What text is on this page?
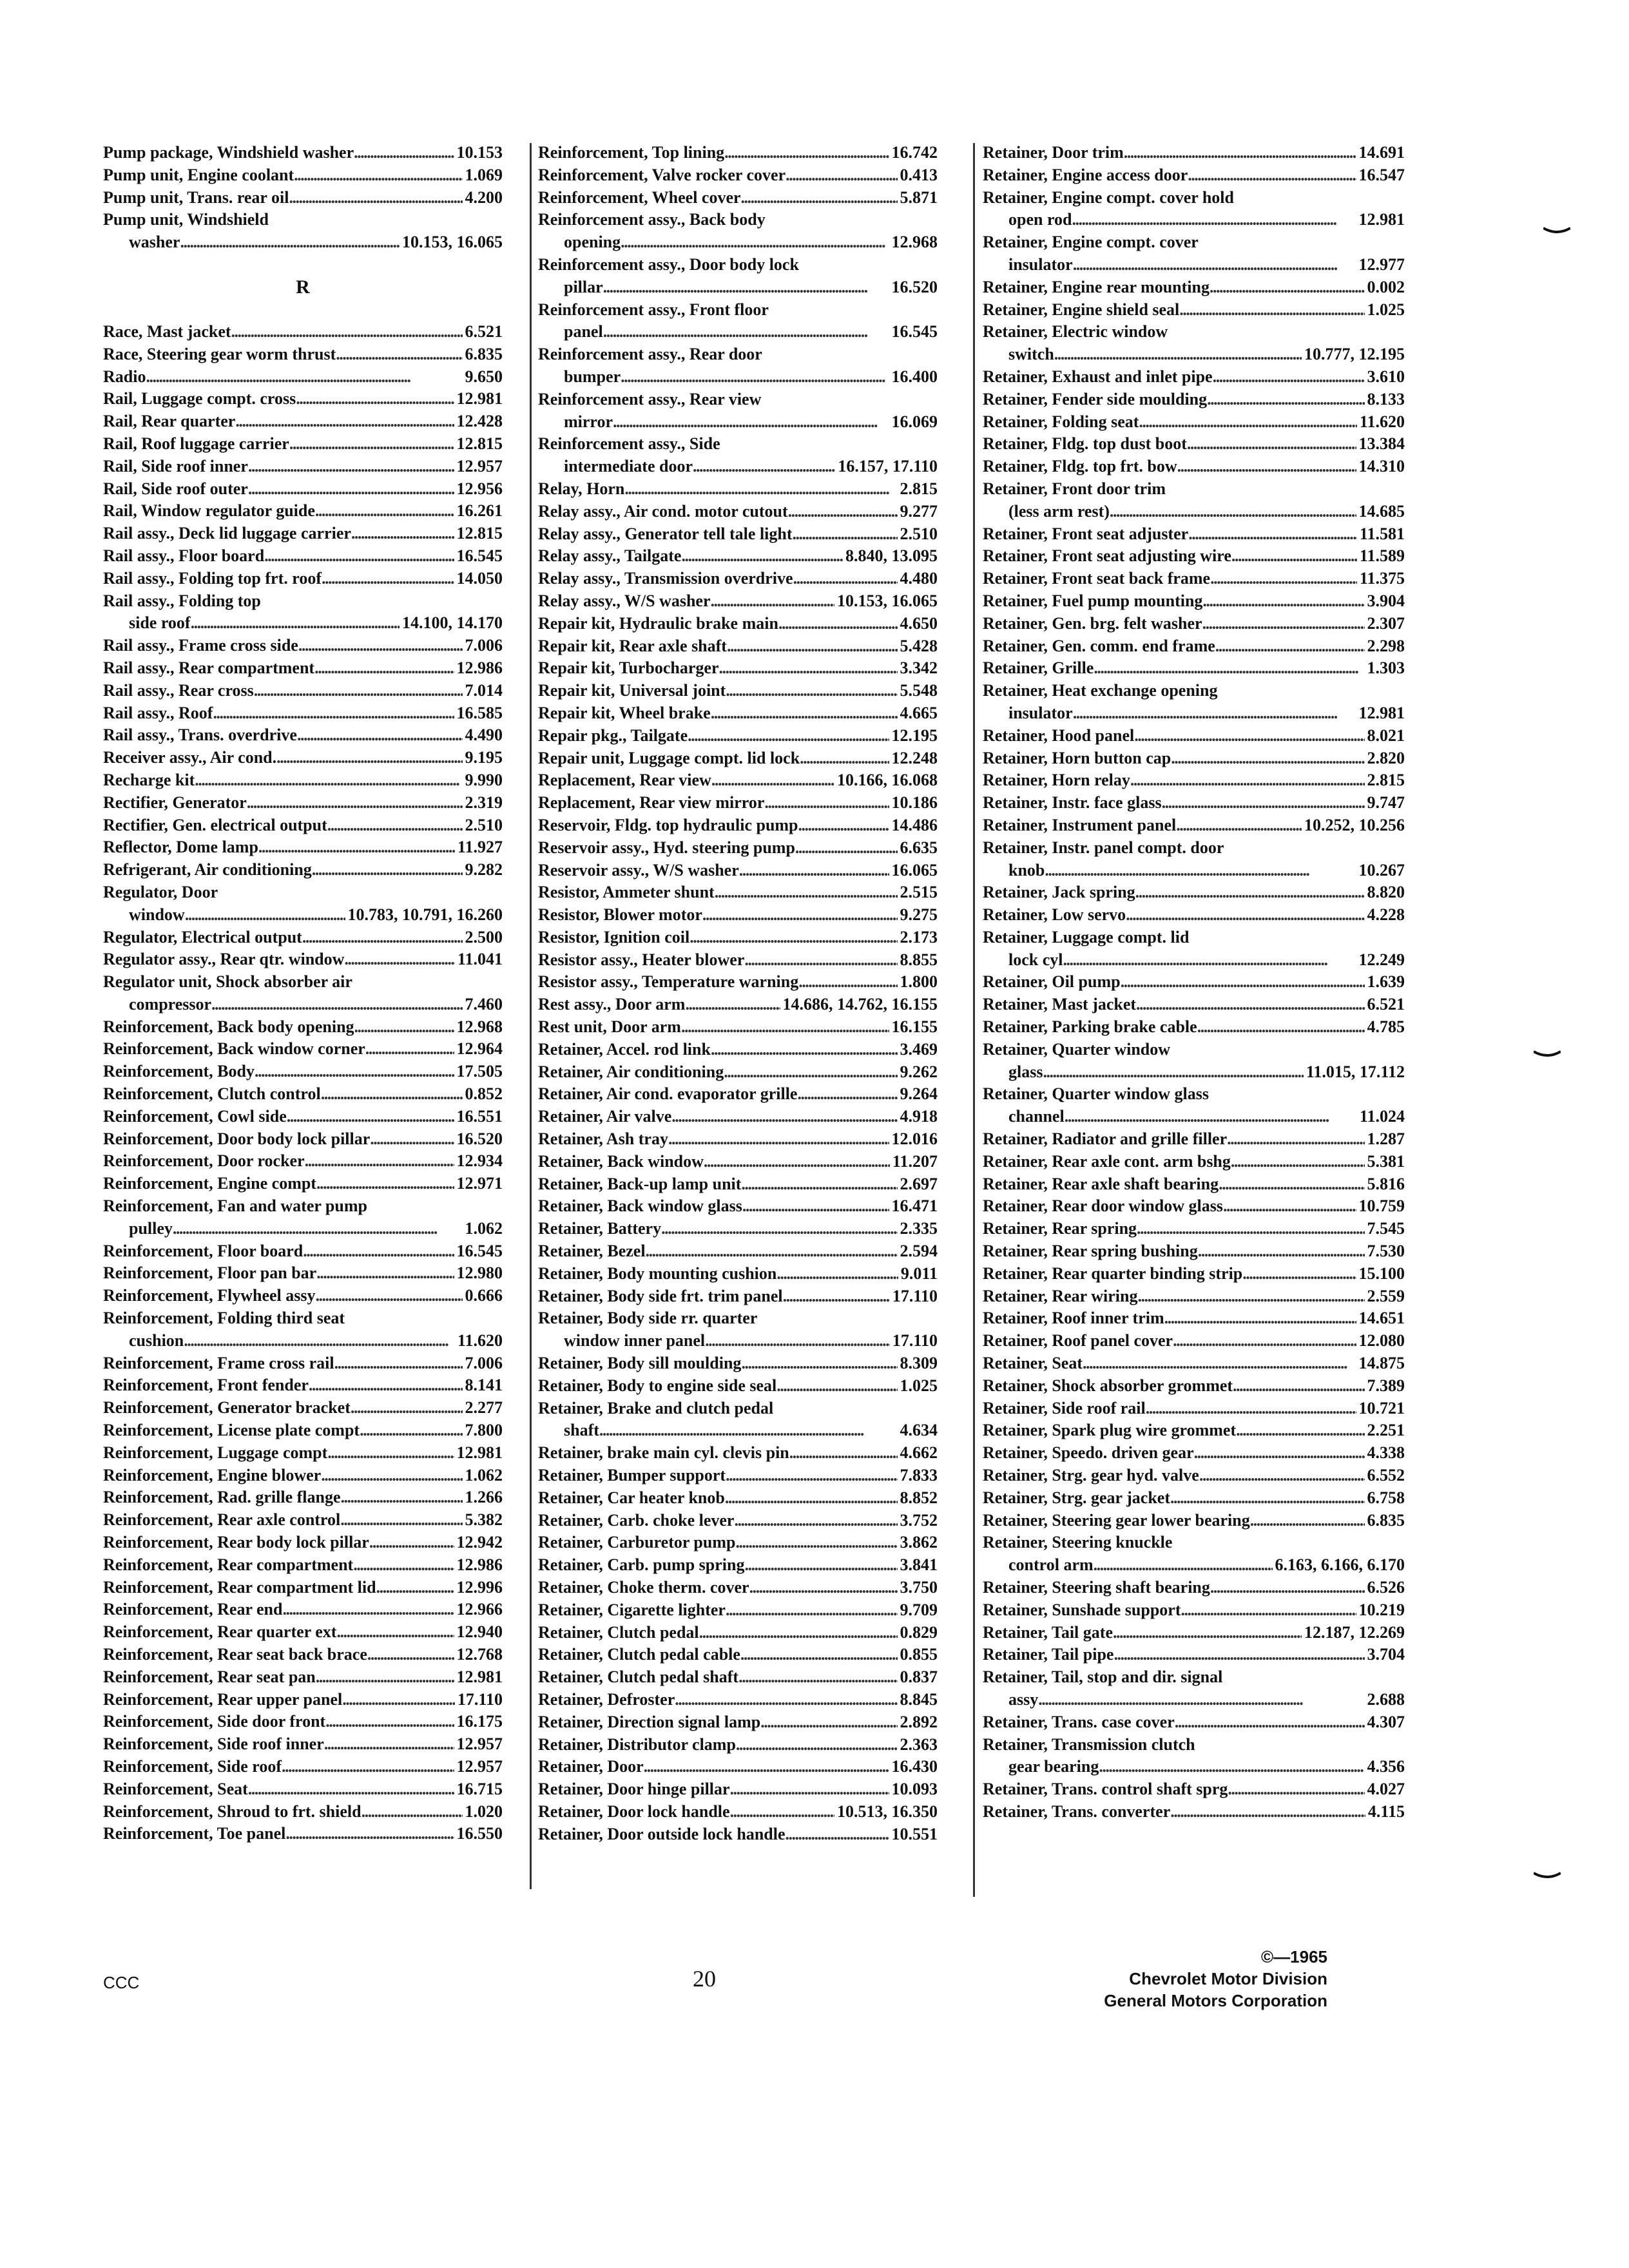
Pump package, Windshield washer . . .	10.153
Pump unit, Engine coolant . . .	1.069
Pump unit, Trans. rear oil . . .	4.200
Pump unit, Windshield
washer . . .	10.153, 16.065
R
Race, Mast jacket . . .	6.521
Race, Steering gear worm thrust . . .	6.835
Radio . . .	9.650
Rail, Luggage compt. cross . . .	12.981
Rail, Rear quarter . . .	12.428
Rail, Roof luggage carrier . . .	12.815
Rail, Side roof inner . . .	12.957
Rail, Side roof outer . . .	12.956
Rail, Window regulator guide . . .	16.261
Rail assy., Deck lid luggage carrier . . .	12.815
Rail assy., Floor board . . .	16.545
Rail assy., Folding top frt. roof . . .	14.050
Rail assy., Folding top
side roof . . .	14.100, 14.170
Rail assy., Frame cross side . . .	7.006
Rail assy., Rear compartment . . .	12.986
Rail assy., Rear cross . . .	7.014
Rail assy., Roof . . .	16.585
Rail assy., Trans. overdrive . . .	4.490
Receiver assy., Air cond. . . .	9.195
Recharge kit . . .	9.990
Rectifier, Generator . . .	2.319
Rectifier, Gen. electrical output . . .	2.510
Reflector, Dome lamp . . .	11.927
Refrigerant, Air conditioning . . .	9.282
Regulator, Door
window . . .	10.783, 10.791, 16.260
Regulator, Electrical output . . .	2.500
Regulator assy., Rear qtr. window . . .	11.041
Regulator unit, Shock absorber air
compressor . . .	7.460
Reinforcement, Back body opening . . .	12.968
Reinforcement, Back window corner . . .	12.964
Reinforcement, Body . . .	17.505
Reinforcement, Clutch control . . .	0.852
Reinforcement, Cowl side . . .	16.551
Reinforcement, Door body lock pillar . . .	16.520
Reinforcement, Door rocker . . .	12.934
Reinforcement, Engine compt . . .	12.971
Reinforcement, Fan and water pump
pulley . . .	1.062
Reinforcement, Floor board . . .	16.545
Reinforcement, Floor pan bar . . .	12.980
Reinforcement, Flywheel assy . . .	0.666
Reinforcement, Folding third seat
cushion . . .	11.620
Reinforcement, Frame cross rail . . .	7.006
Reinforcement, Front fender . . .	8.141
Reinforcement, Generator bracket . . .	2.277
Reinforcement, License plate compt . . .	7.800
Reinforcement, Luggage compt . . .	12.981
Reinforcement, Engine blower . . .	1.062
Reinforcement, Rad. grille flange . . .	1.266
Reinforcement, Rear axle control . . .	5.382
Reinforcement, Rear body lock pillar . . .	12.942
Reinforcement, Rear compartment . . .	12.986
Reinforcement, Rear compartment lid . . .	12.996
Reinforcement, Rear end . . .	12.966
Reinforcement, Rear quarter ext . . .	12.940
Reinforcement, Rear seat back brace . . .	12.768
Reinforcement, Rear seat pan . . .	12.981
Reinforcement, Rear upper panel . . .	17.110
Reinforcement, Side door front . . .	16.175
Reinforcement, Side roof inner . . .	12.957
Reinforcement, Side roof . . .	12.957
Reinforcement, Seat . . .	16.715
Reinforcement, Shroud to frt. shield . . .	1.020
Reinforcement, Toe panel . . .	16.550
Reinforcement, Top lining . . .	16.742
Reinforcement, Valve rocker cover . . .	0.413
Reinforcement, Wheel cover . . .	5.871
Reinforcement assy., Back body
opening . . .	12.968
Reinforcement assy., Door body lock
pillar . . .	16.520
Reinforcement assy., Front floor
panel . . .	16.545
Reinforcement assy., Rear door
bumper . . .	16.400
Reinforcement assy., Rear view
mirror . . .	16.069
Reinforcement assy., Side
intermediate door . . .	16.157, 17.110
Relay, Horn . . .	2.815
Relay assy., Air cond. motor cutout . . .	9.277
Relay assy., Generator tell tale light . . .	2.510
Relay assy., Tailgate . . .	8.840, 13.095
Relay assy., Transmission overdrive . . .	4.480
Relay assy., W/S washer . . .	10.153, 16.065
Repair kit, Hydraulic brake main . . .	4.650
Repair kit, Rear axle shaft . . .	5.428
Repair kit, Turbocharger . . .	3.342
Repair kit, Universal joint . . .	5.548
Repair kit, Wheel brake . . .	4.665
Repair pkg., Tailgate . . .	12.195
Repair unit, Luggage compt. lid lock . . .	12.248
Replacement, Rear view . . .	10.166, 16.068
Replacement, Rear view mirror . . .	10.186
Reservoir, Fldg. top hydraulic pump . . .	14.486
Reservoir assy., Hyd. steering pump . . .	6.635
Reservoir assy., W/S washer . . .	16.065
Resistor, Ammeter shunt . . .	2.515
Resistor, Blower motor . . .	9.275
Resistor, Ignition coil . . .	2.173
Resistor assy., Heater blower . . .	8.855
Resistor assy., Temperature warning . . .	1.800
Rest assy., Door arm . . .	14.686, 14.762, 16.155
Rest unit, Door arm . . .	16.155
Retainer, Accel. rod link . . .	3.469
Retainer, Air conditioning . . .	9.262
Retainer, Air cond. evaporator grille . . .	9.264
Retainer, Air valve . . .	4.918
Retainer, Ash tray . . .	12.016
Retainer, Back window . . .	11.207
Retainer, Back-up lamp unit . . .	2.697
Retainer, Back window glass . . .	16.471
Retainer, Battery . . .	2.335
Retainer, Bezel . . .	2.594
Retainer, Body mounting cushion . . .	9.011
Retainer, Body side frt. trim panel . . .	17.110
Retainer, Body side rr. quarter
window inner panel . . .	17.110
Retainer, Body sill moulding . . .	8.309
Retainer, Body to engine side seal . . .	1.025
Retainer, Brake and clutch pedal
shaft . . .	4.634
Retainer, brake main cyl. clevis pin . . .	4.662
Retainer, Bumper support . . .	7.833
Retainer, Car heater knob . . .	8.852
Retainer, Carb. choke lever . . .	3.752
Retainer, Carburetor pump . . .	3.862
Retainer, Carb. pump spring . . .	3.841
Retainer, Choke therm. cover . . .	3.750
Retainer, Cigarette lighter . . .	9.709
Retainer, Clutch pedal . . .	0.829
Retainer, Clutch pedal cable . . .	0.855
Retainer, Clutch pedal shaft . . .	0.837
Retainer, Defroster . . .	8.845
Retainer, Direction signal lamp . . .	2.892
Retainer, Distributor clamp . . .	2.363
Retainer, Door . . .	16.430
Retainer, Door hinge pillar . . .	10.093
Retainer, Door lock handle . . .	10.513, 16.350
Retainer, Door outside lock handle . . .	10.551
Retainer, Door trim . . .	14.691
Retainer, Engine access door . . .	16.547
Retainer, Engine compt. cover hold
open rod . . .	12.981
Retainer, Engine compt. cover
insulator . . .	12.977
Retainer, Engine rear mounting . . .	0.002
Retainer, Engine shield seal . . .	1.025
Retainer, Electric window
switch . . .	10.777, 12.195
Retainer, Exhaust and inlet pipe . . .	3.610
Retainer, Fender side moulding . . .	8.133
Retainer, Folding seat . . .	11.620
Retainer, Fldg. top dust boot . . .	13.384
Retainer, Fldg. top frt. bow . . .	14.310
Retainer, Front door trim
(less arm rest) . . .	14.685
Retainer, Front seat adjuster . . .	11.581
Retainer, Front seat adjusting wire . . .	11.589
Retainer, Front seat back frame . . .	11.375
Retainer, Fuel pump mounting . . .	3.904
Retainer, Gen. brg. felt washer . . .	2.307
Retainer, Gen. comm. end frame . . .	2.298
Retainer, Grille . . .	1.303
Retainer, Heat exchange opening
insulator . . .	12.981
Retainer, Hood panel . . .	8.021
Retainer, Horn button cap . . .	2.820
Retainer, Horn relay . . .	2.815
Retainer, Instr. face glass . . .	9.747
Retainer, Instrument panel . . .	10.252, 10.256
Retainer, Instr. panel compt. door
knob . . .	10.267
Retainer, Jack spring . . .	8.820
Retainer, Low servo . . .	4.228
Retainer, Luggage compt. lid
lock cyl . . .	12.249
Retainer, Oil pump . . .	1.639
Retainer, Mast jacket . . .	6.521
Retainer, Parking brake cable . . .	4.785
Retainer, Quarter window
glass . . .	11.015, 17.112
Retainer, Quarter window glass
channel . . .	11.024
Retainer, Radiator and grille filler . . .	1.287
Retainer, Rear axle cont. arm bshg . . .	5.381
Retainer, Rear axle shaft bearing . . .	5.816
Retainer, Rear door window glass . . .	10.759
Retainer, Rear spring . . .	7.545
Retainer, Rear spring bushing . . .	7.530
Retainer, Rear quarter binding strip . . .	15.100
Retainer, Rear wiring . . .	2.559
Retainer, Roof inner trim . . .	14.651
Retainer, Roof panel cover . . .	12.080
Retainer, Seat . . .	14.875
Retainer, Shock absorber grommet . . .	7.389
Retainer, Side roof rail . . .	10.721
Retainer, Spark plug wire grommet . . .	2.251
Retainer, Speedo. driven gear . . .	4.338
Retainer, Strg. gear hyd. valve . . .	6.552
Retainer, Strg. gear jacket . . .	6.758
Retainer, Steering gear lower bearing . . .	6.835
Retainer, Steering knuckle
control arm . . .	6.163, 6.166, 6.170
Retainer, Steering shaft bearing . . .	6.526
Retainer, Sunshade support . . .	10.219
Retainer, Tail gate . . .	12.187, 12.269
Retainer, Tail pipe . . .	3.704
Retainer, Tail, stop and dir. signal
assy . . .	2.688
Retainer, Trans. case cover . . .	4.307
Retainer, Transmission clutch
gear bearing . . .	4.356
Retainer, Trans. control shaft sprg . . .	4.027
Retainer, Trans. converter . . .	4.115
CCC	20
©—1965
Chevrolet Motor Division
General Motors Corporation
